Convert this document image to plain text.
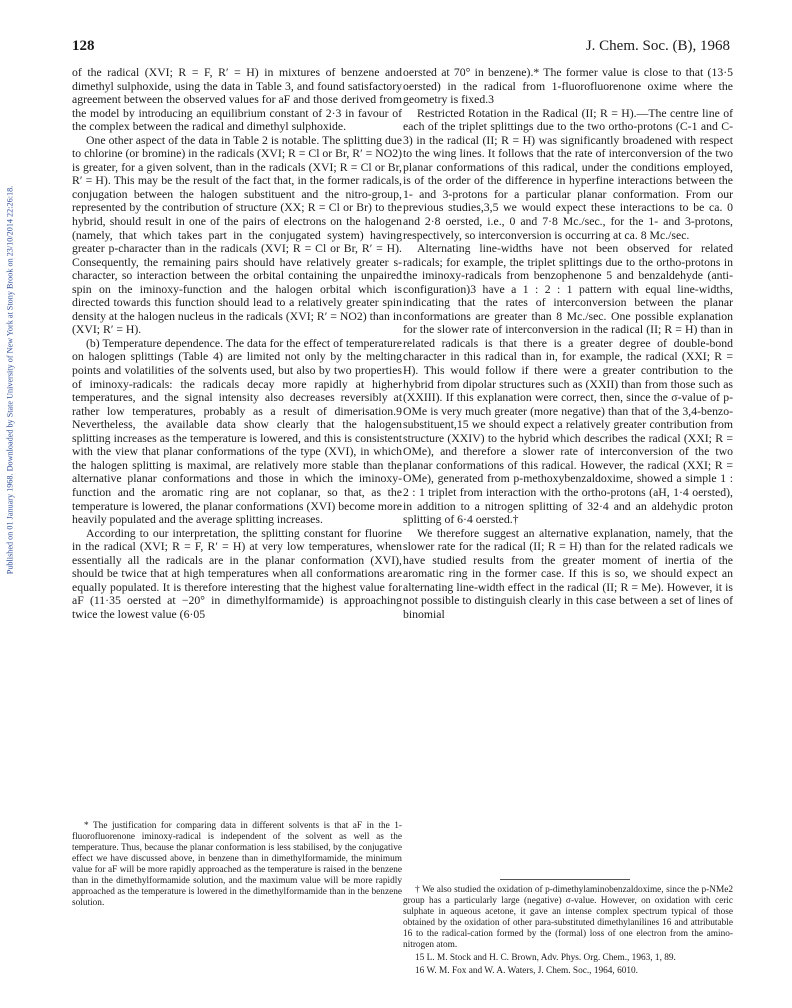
128	J. Chem. Soc. (B), 1968
Published on 01 January 1968. Downloaded by State University of New York at Stony Brook on 23/10/2014 22:26:18.

of the radical (XVI; R = F, R′ = H) in mixtures of benzene and dimethyl sulphoxide, using the data in Table 3, and found satisfactory agreement between the observed values for aF and those derived from the model by introducing an equilibrium constant of 2·3 in favour of the complex between the radical and dimethyl sulphoxide.

One other aspect of the data in Table 2 is notable. The splitting due to chlorine (or bromine) in the radicals (XVI; R = Cl or Br, R′ = NO2) is greater, for a given solvent, than in the radicals (XVI; R = Cl or Br, R′ = H). This may be the result of the fact that, in the former radicals, conjugation between the halogen substituent and the nitro-group, represented by the contribution of structure (XX; R = Cl or Br) to the hybrid, should result in one of the pairs of electrons on the halogen (namely, that which takes part in the conjugated system) having greater p-character than in the radicals (XVI; R = Cl or Br, R′ = H). Consequently, the remaining pairs should have relatively greater s-character, so interaction between the orbital containing the unpaired spin on the iminoxy-function and the halogen orbital which is directed towards this function should lead to a relatively greater spin density at the halogen nucleus in the radicals (XVI; R′ = NO2) than in (XVI; R′ = H).

(b) Temperature dependence. The data for the effect of temperature on halogen splittings (Table 4) are limited not only by the melting points and volatilities of the solvents used, but also by two properties of iminoxy-radicals: the radicals decay more rapidly at higher temperatures, and the signal intensity also decreases reversibly at rather low temperatures, probably as a result of dimerisation.9 Nevertheless, the available data show clearly that the halogen splitting increases as the temperature is lowered, and this is consistent with the view that planar conformations of the type (XVI), in which the halogen splitting is maximal, are relatively more stable than the alternative planar conformations and those in which the iminoxy-function and the aromatic ring are not coplanar, so that, as the temperature is lowered, the planar conformations (XVI) become more heavily populated and the average splitting increases.

According to our interpretation, the splitting constant for fluorine in the radical (XVI; R = F, R′ = H) at very low temperatures, when essentially all the radicals are in the planar conformation (XVI), should be twice that at high temperatures when all conformations are equally populated. It is therefore interesting that the highest value for aF (11·35 oersted at −20° in dimethylformamide) is approaching twice the lowest value (6·05

oersted at 70° in benzene).* The former value is close to that (13·5 oersted) in the radical from 1-fluorofluorenone oxime where the geometry is fixed.3

Restricted Rotation in the Radical (II; R = H).—The centre line of each of the triplet splittings due to the two ortho-protons (C-1 and C-3) in the radical (II; R = H) was significantly broadened with respect to the wing lines. It follows that the rate of interconversion of the two planar conformations of this radical, under the conditions employed, is of the order of the difference in hyperfine interactions between the 1- and 3-protons for a particular planar conformation. From our previous studies,3,5 we would expect these interactions to be ca. 0 and 2·8 oersted, i.e., 0 and 7·8 Mc./sec., for the 1- and 3-protons, respectively, so interconversion is occurring at ca. 8 Mc./sec.

Alternating line-widths have not been observed for related radicals; for example, the triplet splittings due to the ortho-protons in the iminoxy-radicals from benzophenone 5 and benzaldehyde (anti-configuration)3 have a 1 : 2 : 1 pattern with equal line-widths, indicating that the rates of interconversion between the planar conformations are greater than 8 Mc./sec. One possible explanation for the slower rate of interconversion in the radical (II; R = H) than in related radicals is that there is a greater degree of double-bond character in this radical than in, for example, the radical (XXI; R = H). This would follow if there were a greater contribution to the hybrid from dipolar structures such as (XXII) than from those such as (XXIII). If this explanation were correct, then, since the σ-value of p-OMe is very much greater (more negative) than that of the 3,4-benzo-substituent,15 we should expect a relatively greater contribution from structure (XXIV) to the hybrid which describes the radical (XXI; R = OMe), and therefore a slower rate of interconversion of the two planar conformations of this radical. However, the radical (XXI; R = OMe), generated from p-methoxybenzaldoxime, showed a simple 1 : 2 : 1 triplet from interaction with the ortho-protons (aH, 1·4 oersted), in addition to a nitrogen splitting of 32·4 and an aldehydic proton splitting of 6·4 oersted.†

We therefore suggest an alternative explanation, namely, that the slower rate for the radical (II; R = H) than for the related radicals we have studied results from the greater moment of inertia of the aromatic ring in the former case. If this is so, we should expect an alternating line-width effect in the radical (II; R = Me). However, it is not possible to distinguish clearly in this case between a set of lines of binomial

* The justification for comparing data in different solvents is that aF in the 1-fluorofluorenone iminoxy-radical is independent of the solvent as well as the temperature. Thus, because the planar conformation is less stabilised, by the conjugative effect we have discussed above, in benzene than in dimethylformamide, the minimum value for aF will be more rapidly approached as the temperature is raised in the benzene than in the dimethylformamide solution, and the maximum value will be more rapidly approached as the temperature is lowered in the dimethylformamide than in the benzene solution.

† We also studied the oxidation of p-dimethylaminobenzaldoxime, since the p-NMe2 group has a particularly large (negative) σ-value. However, on oxidation with ceric sulphate in aqueous acetone, it gave an intense complex spectrum typical of those obtained by the oxidation of other para-substituted dimethylanilines 16 and attributable 16 to the radical-cation formed by the (formal) loss of one electron from the amino-nitrogen atom.

15 L. M. Stock and H. C. Brown, Adv. Phys. Org. Chem., 1963, 1, 89.

16 W. M. Fox and W. A. Waters, J. Chem. Soc., 1964, 6010.
